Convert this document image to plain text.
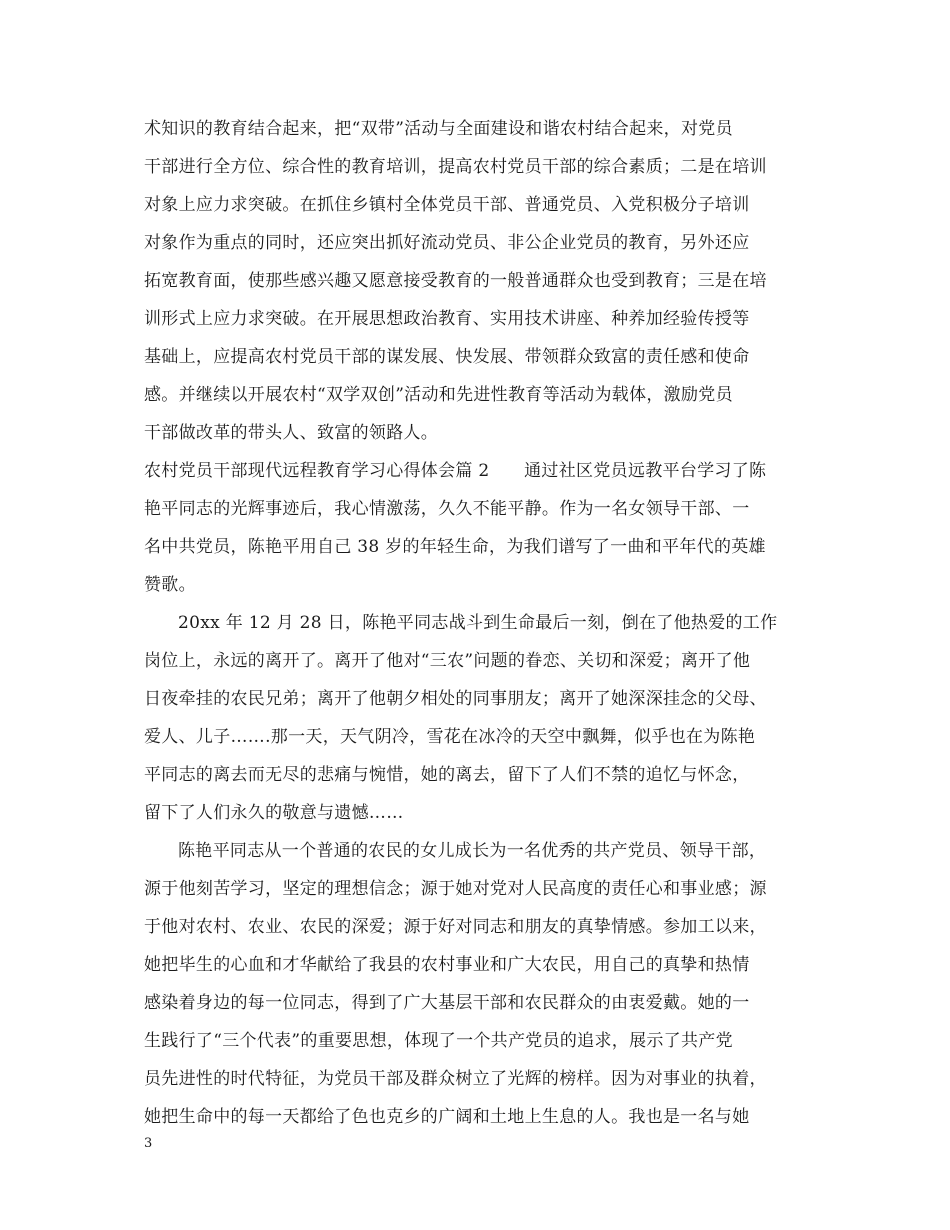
术知识的教育结合起来，把“双带”活动与全面建设和谐农村结合起来，对党员
干部进行全方位、综合性的教育培训，提高农村党员干部的综合素质；二是在培训
对象上应力求突破。在抓住乡镇村全体党员干部、普通党员、入党积极分子培训
对象作为重点的同时，还应突出抓好流动党员、非公企业党员的教育，另外还应
拓宽教育面，使那些感兴趣又愿意接受教育的一般普通群众也受到教育；三是在培
训形式上应力求突破。在开展思想政治教育、实用技术讲座、种养加经验传授等
基础上，应提高农村党员干部的谋发展、快发展、带领群众致富的责任感和使命
感。并继续以开展农村“双学双创”活动和先进性教育等活动为载体，激励党员
干部做改革的带头人、致富的领路人。
农村党员干部现代远程教育学习心得体会篇 2　　通过社区党员远教平台学习了陈
艳平同志的光辉事迹后，我心情激荡，久久不能平静。作为一名女领导干部、一
名中共党员，陈艳平用自己 38 岁的年轻生命，为我们谱写了一曲和平年代的英雄
赞歌。
20xx 年 12 月 28 日，陈艳平同志战斗到生命最后一刻，倒在了他热爱的工作
岗位上，永远的离开了。离开了他对“三农”问题的眷恋、关切和深爱；离开了他
日夜牵挂的农民兄弟；离开了他朝夕相处的同事朋友；离开了她深深挂念的父母、
爱人、儿子…….那一天，天气阴冷，雪花在冰冷的天空中飘舞，似乎也在为陈艳
平同志的离去而无尽的悲痛与惋惜，她的离去，留下了人们不禁的追忆与怀念，
留下了人们永久的敬意与遗憾……
陈艳平同志从一个普通的农民的女儿成长为一名优秀的共产党员、领导干部，
源于他刻苦学习，坚定的理想信念；源于她对党对人民高度的责任心和事业感；源
于他对农村、农业、农民的深爱；源于好对同志和朋友的真挚情感。参加工以来，
她把毕生的心血和才华献给了我县的农村事业和广大农民，用自己的真挚和热情
感染着身边的每一位同志，得到了广大基层干部和农民群众的由衷爱戴。她的一
生践行了“三个代表”的重要思想，体现了一个共产党员的追求，展示了共产党
员先进性的时代特征，为党员干部及群众树立了光辉的榜样。因为对事业的执着，
她把生命中的每一天都给了色也克乡的广阔和土地上生息的人。我也是一名与她
3
